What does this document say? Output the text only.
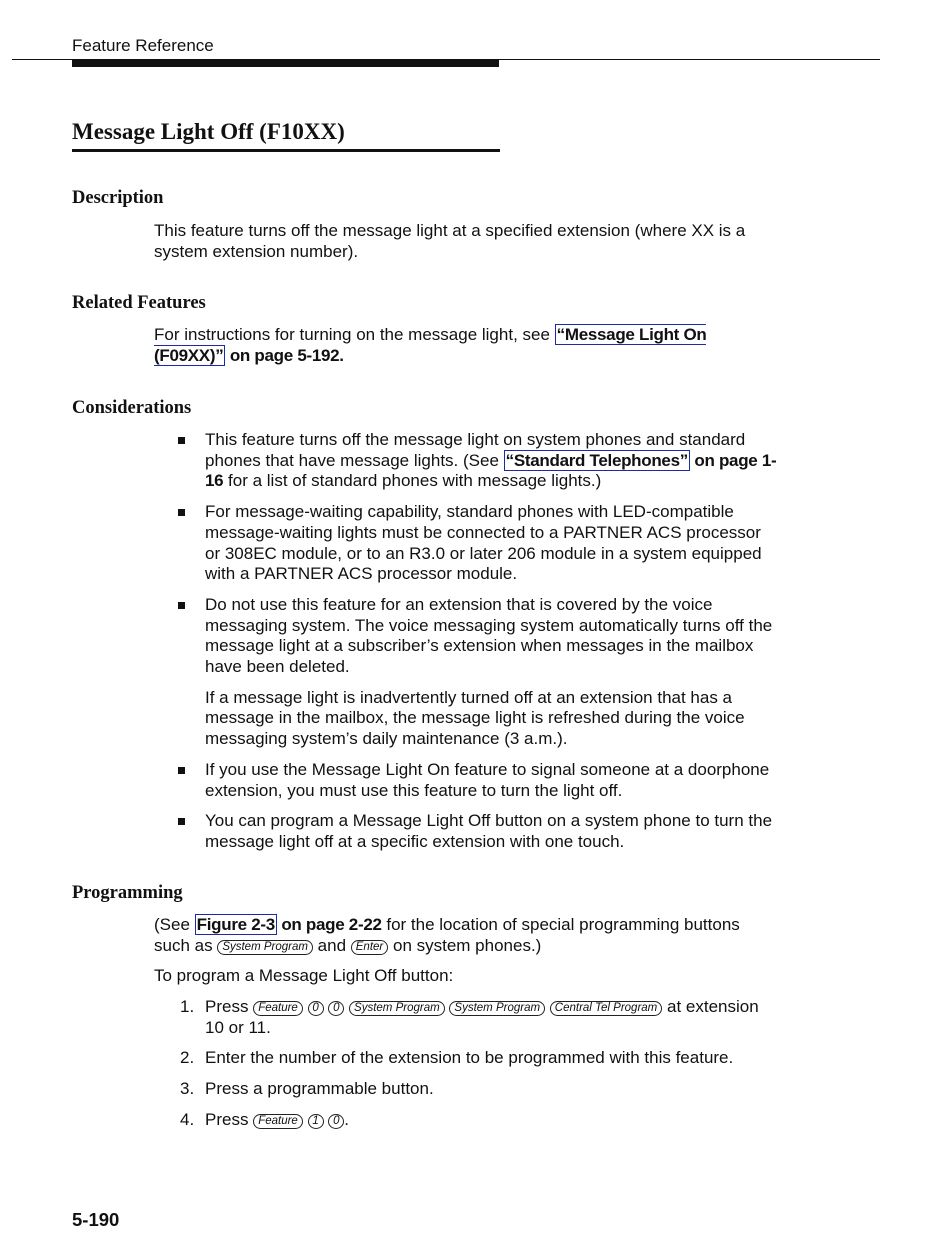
Feature Reference
Message Light Off (F10XX)
Description
This feature turns off the message light at a specified extension (where XX is a system extension number).
Related Features
For instructions for turning on the message light, see “Message Light On (F09XX)” on page 5-192.
Considerations
This feature turns off the message light on system phones and standard phones that have message lights. (See “Standard Telephones” on page 1-16 for a list of standard phones with message lights.)
For message-waiting capability, standard phones with LED-compatible message-waiting lights must be connected to a PARTNER ACS processor or 308EC module, or to an R3.0 or later 206 module in a system equipped with a PARTNER ACS processor module.
Do not use this feature for an extension that is covered by the voice messaging system. The voice messaging system automatically turns off the message light at a subscriber’s extension when messages in the mailbox have been deleted.
If a message light is inadvertently turned off at an extension that has a message in the mailbox, the message light is refreshed during the voice messaging system’s daily maintenance (3 a.m.).
If you use the Message Light On feature to signal someone at a doorphone extension, you must use this feature to turn the light off.
You can program a Message Light Off button on a system phone to turn the message light off at a specific extension with one touch.
Programming
(See Figure 2-3 on page 2-22 for the location of special programming buttons such as System Program and Enter on system phones.)
To program a Message Light Off button:
1. Press Feature 0 0 System Program System Program Central Tel Program at extension 10 or 11.
2. Enter the number of the extension to be programmed with this feature.
3. Press a programmable button.
4. Press Feature 1 0 .
5-190
